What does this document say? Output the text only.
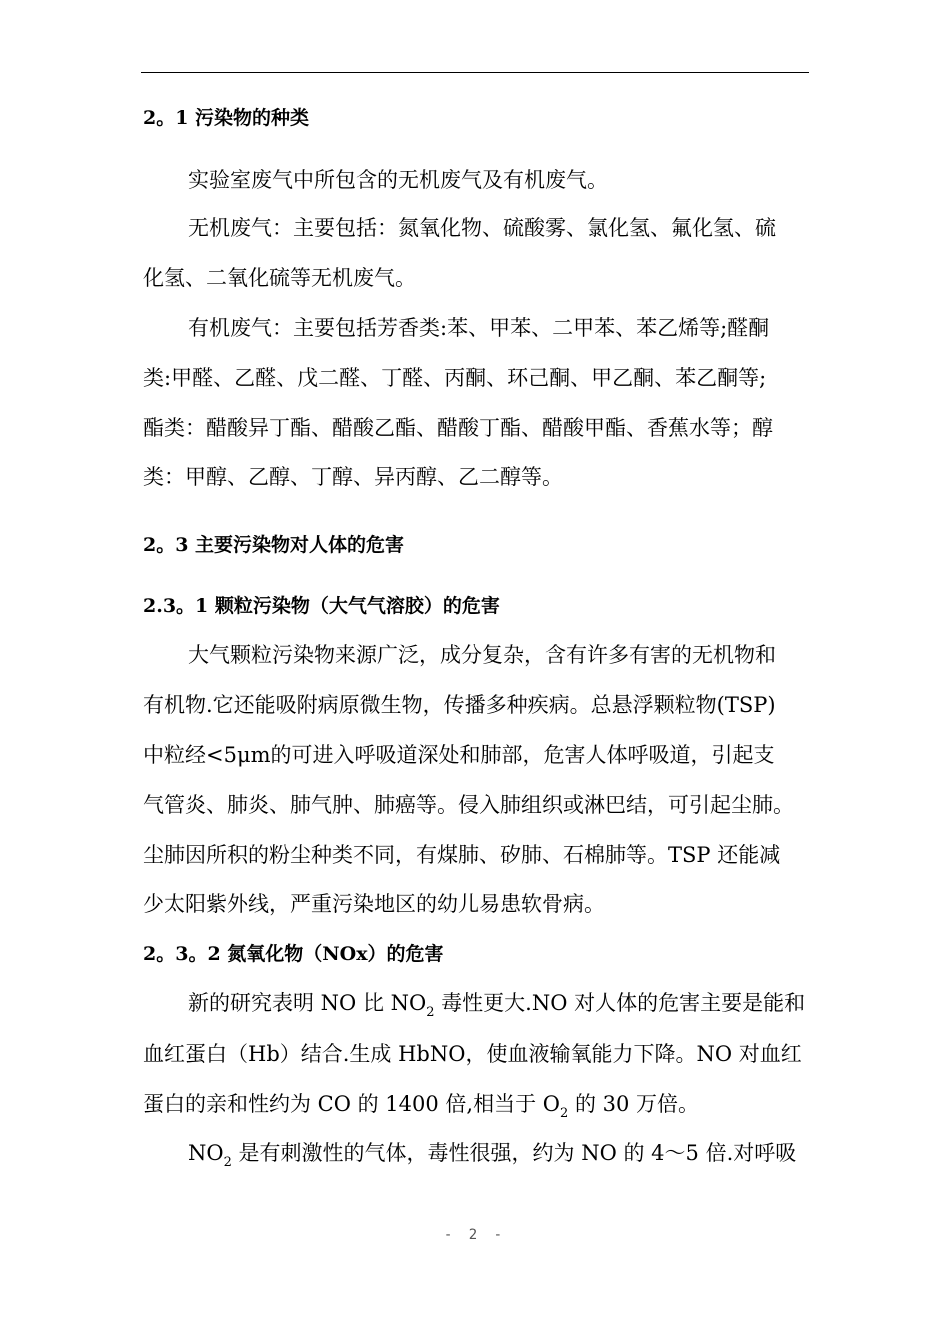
2。1 污染物的种类
实验室废气中所包含的无机废气及有机废气。
无机废气：主要包括：氮氧化物、硫酸雾、氯化氢、氟化氢、硫
化氢、二氧化硫等无机废气。
有机废气：主要包括芳香类:苯、甲苯、二甲苯、苯乙烯等;醛酮
类:甲醛、乙醛、戊二醛、丁醛、丙酮、环己酮、甲乙酮、苯乙酮等;
酯类：醋酸异丁酯、醋酸乙酯、醋酸丁酯、醋酸甲酯、香蕉水等；醇
类：甲醇、乙醇、丁醇、异丙醇、乙二醇等。
2。3 主要污染物对人体的危害
2.3。1 颗粒污染物（大气气溶胶）的危害
大气颗粒污染物来源广泛，成分复杂，含有许多有害的无机物和
有机物.它还能吸附病原微生物，传播多种疾病。总悬浮颗粒物(TSP)
中粒经<5μm的可进入呼吸道深处和肺部，危害人体呼吸道，引起支
气管炎、肺炎、肺气肿、肺癌等。侵入肺组织或淋巴结，可引起尘肺。
尘肺因所积的粉尘种类不同，有煤肺、矽肺、石棉肺等。TSP 还能减
少太阳紫外线，严重污染地区的幼儿易患软骨病。
2。3。2 氮氧化物（NOx）的危害
新的研究表明 NO 比 $NO_2$ 毒性更大.NO 对人体的危害主要是能和
血红蛋白（Hb）结合.生成 HbNO，使血液输氧能力下降。NO 对血红
蛋白的亲和性约为 CO 的 1400 倍,相当于 $O_2$ 的 30 万倍。
$NO_2$ 是有刺激性的气体，毒性很强，约为 NO 的 4～5 倍.对呼吸
- 2 -
